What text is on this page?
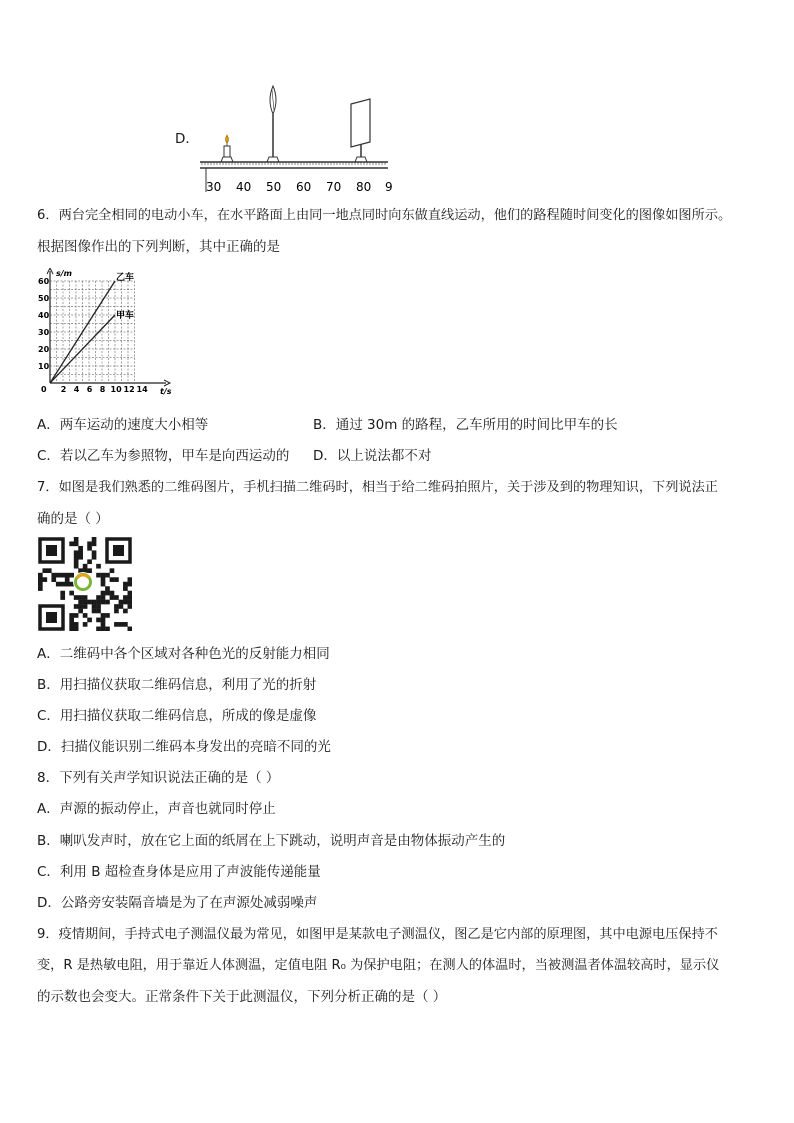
D．
30 40 50 60 70 80 9
6．两台完全相同的电动小车，在水平路面上由同一地点同时向东做直线运动，他们的路程随时间变化的图像如图所示。
根据图像作出的下列判断，其中正确的是
s/m
t/s
0 2 4 6 8 10 12 14
10
20
30
40
50
60	乙车
甲车
A．两车运动的速度大小相等	B．通过 30m 的路程，乙车所用的时间比甲车的长
C．若以乙车为参照物，甲车是向西运动的 D．以上说法都不对
7．如图是我们熟悉的二维码图片，手机扫描二维码时，相当于给二维码拍照片，关于涉及到的物理知识，下列说法正
确的是（ ）
A．二维码中各个区域对各种色光的反射能力相同
B．用扫描仪获取二维码信息，利用了光的折射
C．用扫描仪获取二维码信息，所成的像是虚像
D．扫描仪能识别二维码本身发出的亮暗不同的光
8．下列有关声学知识说法正确的是（ ）
A．声源的振动停止，声音也就同时停止
B．喇叭发声时，放在它上面的纸屑在上下跳动，说明声音是由物体振动产生的
C．利用 B 超检查身体是应用了声波能传递能量
D．公路旁安装隔音墙是为了在声源处减弱噪声
9．疫情期间，手持式电子测温仪最为常见，如图甲是某款电子测温仪，图乙是它内部的原理图，其中电源电压保持不
变，R 是热敏电阻，用于靠近人体测温，定值电阻 R₀ 为保护电阻；在测人的体温时，当被测温者体温较高时，显示仪
的示数也会变大。正常条件下关于此测温仪，下列分析正确的是（ ）
